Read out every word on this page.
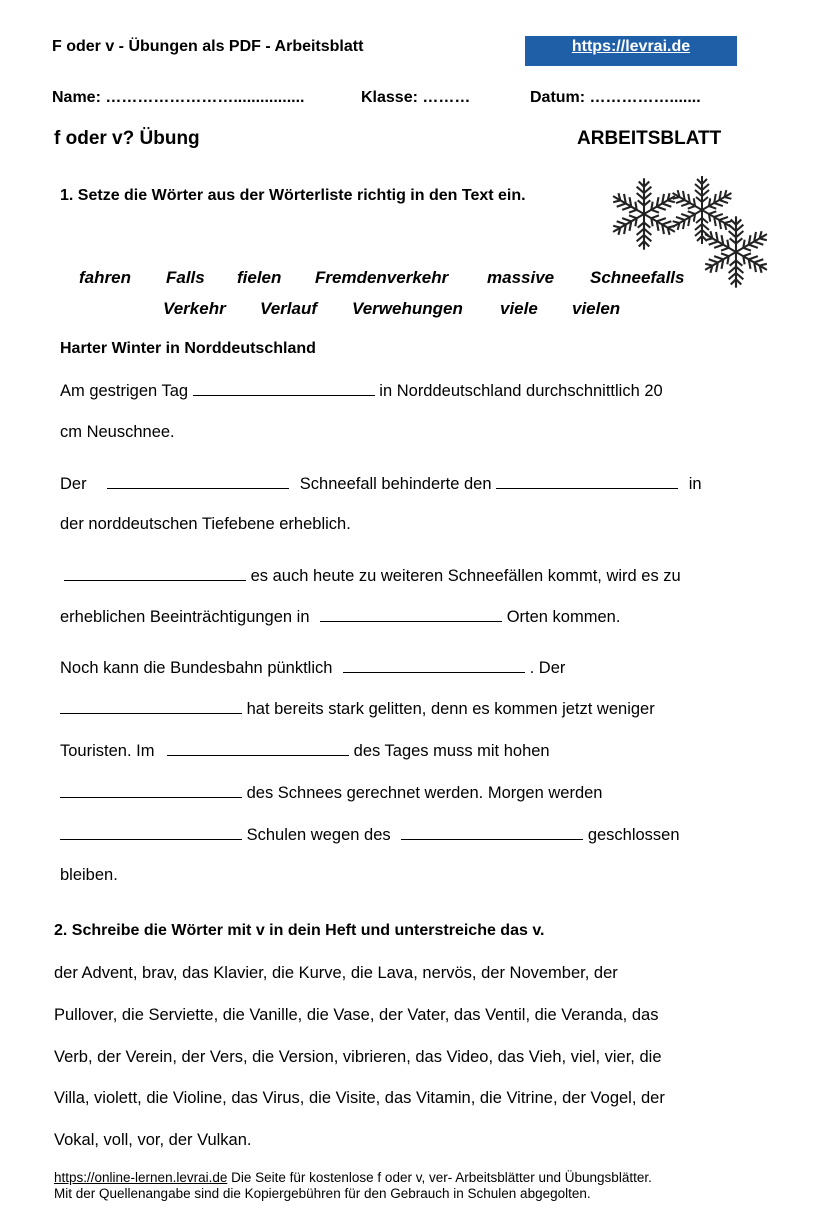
F oder v - Übungen als PDF - Arbeitsblatt	https://levrai.de
Name: ……………………................	Klasse: ………	Datum: …………….......
f oder v? Übung	ARBEITSBLATT
1. Setze die Wörter aus der Wörterliste richtig in den Text ein.
fahren Falls fielen Fremdenverkehr massive Schneefalls
Verkehr Verlauf Verwehungen viele vielen
Harter Winter in Norddeutschland
Am gestrigen Tag	in Norddeutschland durchschnittlich 20
cm Neuschnee.
Der	Schneefall behinderte den	in
der norddeutschen Tiefebene erheblich.
es auch heute zu weiteren Schneefällen kommt, wird es zu
erheblichen Beeinträchtigungen in	Orten kommen.
Noch kann die Bundesbahn pünktlich	. Der
hat bereits stark gelitten, denn es kommen jetzt weniger
Touristen. Im	des Tages muss mit hohen
des Schnees gerechnet werden. Morgen werden
Schulen wegen des	geschlossen
bleiben.
2. Schreibe die Wörter mit v in dein Heft und unterstreiche das v.
der Advent, brav, das Klavier, die Kurve, die Lava, nervös, der November, der
Pullover, die Serviette, die Vanille, die Vase, der Vater, das Ventil, die Veranda, das
Verb, der Verein, der Vers, die Version, vibrieren, das Video, das Vieh, viel, vier, die
Villa, violett, die Violine, das Virus, die Visite, das Vitamin, die Vitrine, der Vogel, der
Vokal, voll, vor, der Vulkan.
https://online-lernen.levrai.de Die Seite für kostenlose f oder v, ver- Arbeitsblätter und Übungsblätter.
Mit der Quellenangabe sind die Kopiergebühren für den Gebrauch in Schulen abgegolten.
